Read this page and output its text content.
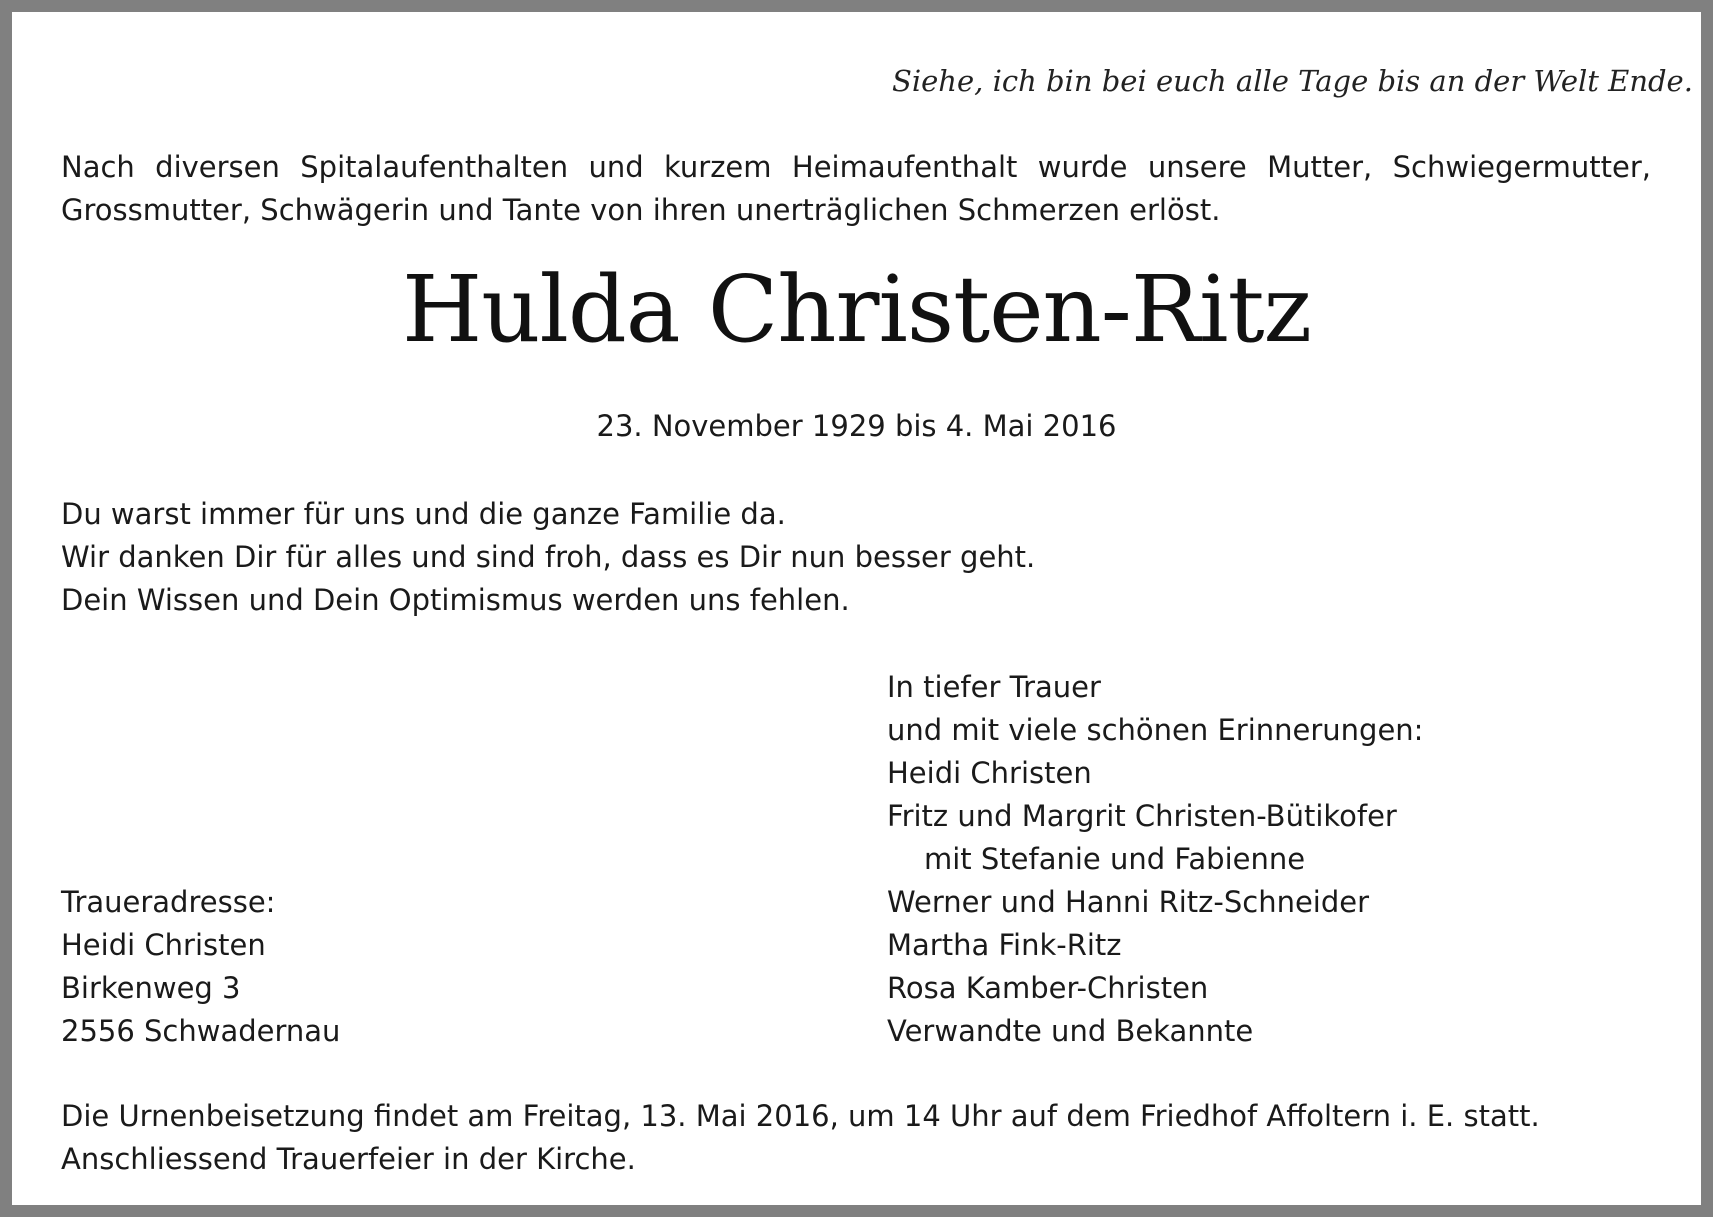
Siehe, ich bin bei euch alle Tage bis an der Welt Ende.
Nach diversen Spitalaufenthalten und kurzem Heimaufenthalt wurde unsere Mutter, Schwiegermutter,
Grossmutter, Schwägerin und Tante von ihren unerträglichen Schmerzen erlöst.
Hulda Christen-Ritz
23. November 1929 bis 4. Mai 2016
Du warst immer für uns und die ganze Familie da.
Wir danken Dir für alles und sind froh, dass es Dir nun besser geht.
Dein Wissen und Dein Optimismus werden uns fehlen.
In tiefer Trauer
und mit viele schönen Erinnerungen:
Heidi Christen
Fritz und Margrit Christen-Bütikofer
mit Stefanie und Fabienne
Werner und Hanni Ritz-Schneider
Martha Fink-Ritz
Rosa Kamber-Christen
Verwandte und Bekannte
Traueradresse:
Heidi Christen
Birkenweg 3
2556 Schwadernau
Die Urnenbeisetzung findet am Freitag, 13. Mai 2016, um 14 Uhr auf dem Friedhof Affoltern i. E. statt.
Anschliessend Trauerfeier in der Kirche.
